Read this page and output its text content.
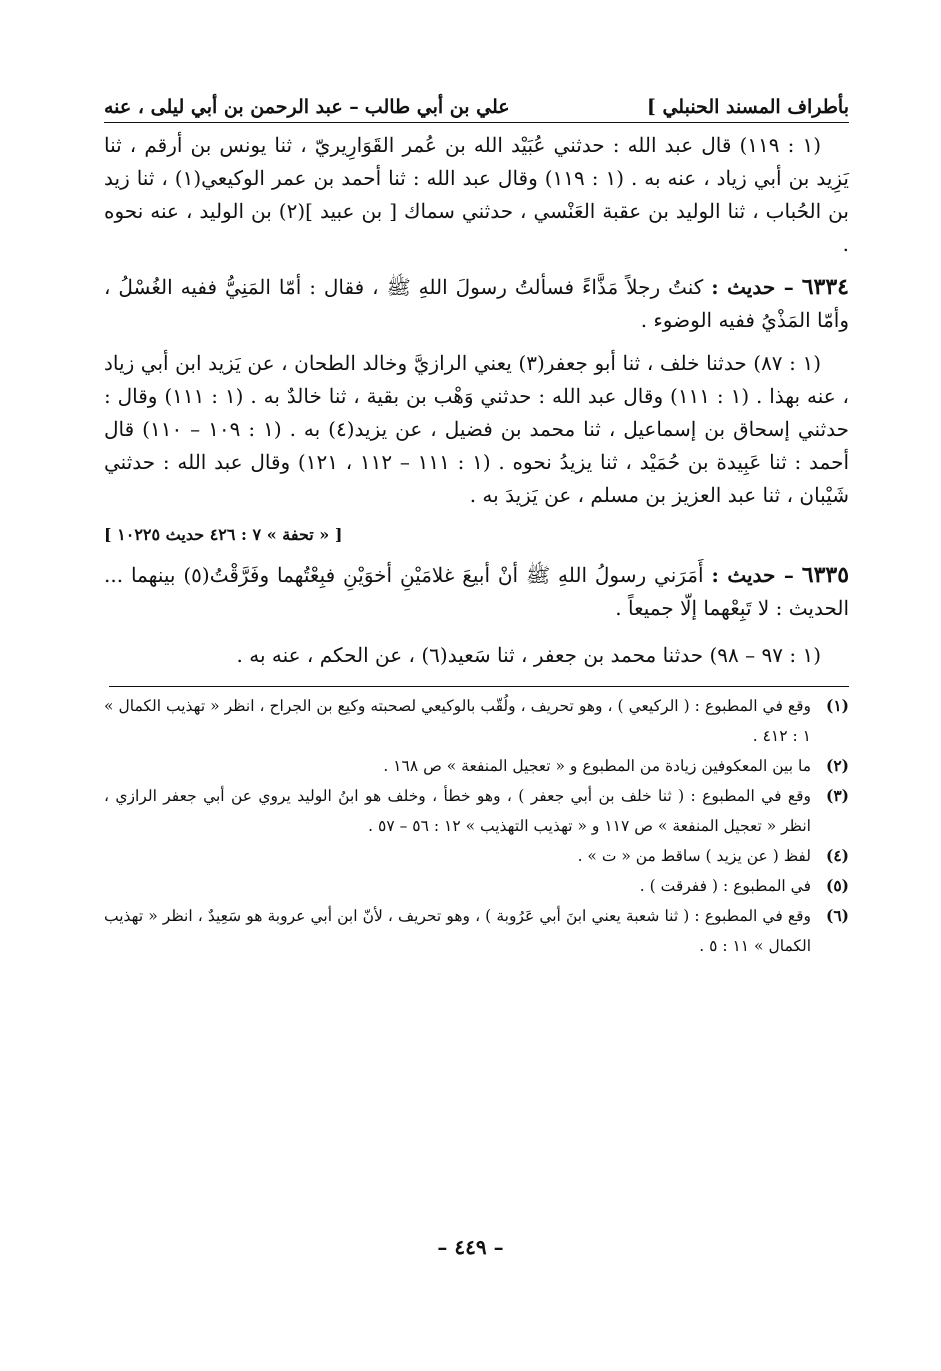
بأطراف المسند الحنبلي ]
علي بن أبي طالب
– عبد الرحمن بن أبي ليلى ، عنه

(١ : ١١٩) قال عبد الله : حدثني عُبَيْد الله بن عُمر القَوَارِيريّ ، ثنا يونس بن أرقم ، ثنا يَزِيد بن أبي زياد ، عنه به . (١ : ١١٩) وقال عبد الله : ثنا أحمد بن عمر الوكيعي(١) ، ثنا زيد بن الحُباب ، ثنا الوليد بن عقبة العَنْسي ، حدثني سماك [ بن عبيد ](٢) بن الوليد ، عنه نحوه .

٦٣٣٤ – حديث : كنتُ رجلاً مَذَّاءً فسألتُ رسولَ اللهِ ﷺ ، فقال : أمّا المَنِيُّ ففيه الغُسْلُ ، وأمّا المَذْيُ ففيه الوضوء .

(١ : ٨٧) حدثنا خلف ، ثنا أبو جعفر(٣) يعني الرازيَّ وخالد الطحان ، عن يَزيد ابن أبي زياد ، عنه بهذا . (١ : ١١١) وقال عبد الله : حدثني وَهْب بن بقية ، ثنا خالدٌ به . (١ : ١١١) وقال : حدثني إسحاق بن إسماعيل ، ثنا محمد بن فضيل ، عن يزيد(٤) به . (١ : ١٠٩ – ١١٠) قال أحمد : ثنا عَبِيدة بن حُمَيْد ، ثنا يزيدُ نحوه . (١ : ١١١ – ١١٢ ، ١٢١) وقال عبد الله : حدثني شَيْبان ، ثنا عبد العزيز بن مسلم ، عن يَزيدَ به .

[ « تحفة » ٧ : ٤٢٦ حديث ١٠٢٢٥ ]

٦٣٣٥ – حديث : أَمَرَني رسولُ اللهِ ﷺ أنْ أبيعَ غلامَيْنِ أخوَيْنِ فبِعْتُهما وفَرَّقْتُ(٥) بينهما ... الحديث : لا تَبِعْهما إلّا جميعاً .

(١ : ٩٧ – ٩٨) حدثنا محمد بن جعفر ، ثنا سَعيد(٦) ، عن الحكم ، عنه به .

(١)
وقع في المطبوع : ( الركيعي ) ، وهو تحريف ، ولُقّب بالوكيعي لصحبته وكيع بن الجراح ، انظر « تهذيب الكمال » ١ : ٤١٢ .
(٢)
ما بين المعكوفين زيادة من المطبوع و « تعجيل المنفعة » ص ١٦٨ .
(٣)
وقع في المطبوع : ( ثنا خلف بن أبي جعفر ) ، وهو خطأ ، وخلف هو ابنُ الوليد يروي عن أبي جعفر الرازي ، انظر « تعجيل المنفعة » ص ١١٧ و « تهذيب التهذيب » ١٢ : ٥٦ – ٥٧ .
(٤)
لفظ ( عن يزيد ) ساقط من « ت » .
(٥)
في المطبوع : ( ففرقت ) .
(٦)
وقع في المطبوع : ( ثنا شعبة يعني ابنَ أبي عَرُوبة ) ، وهو تحريف ، لأنّ ابن أبي عروبة هو سَعِيدٌ ، انظر « تهذيب الكمال » ١١ : ٥ .
– ٤٤٩ –
